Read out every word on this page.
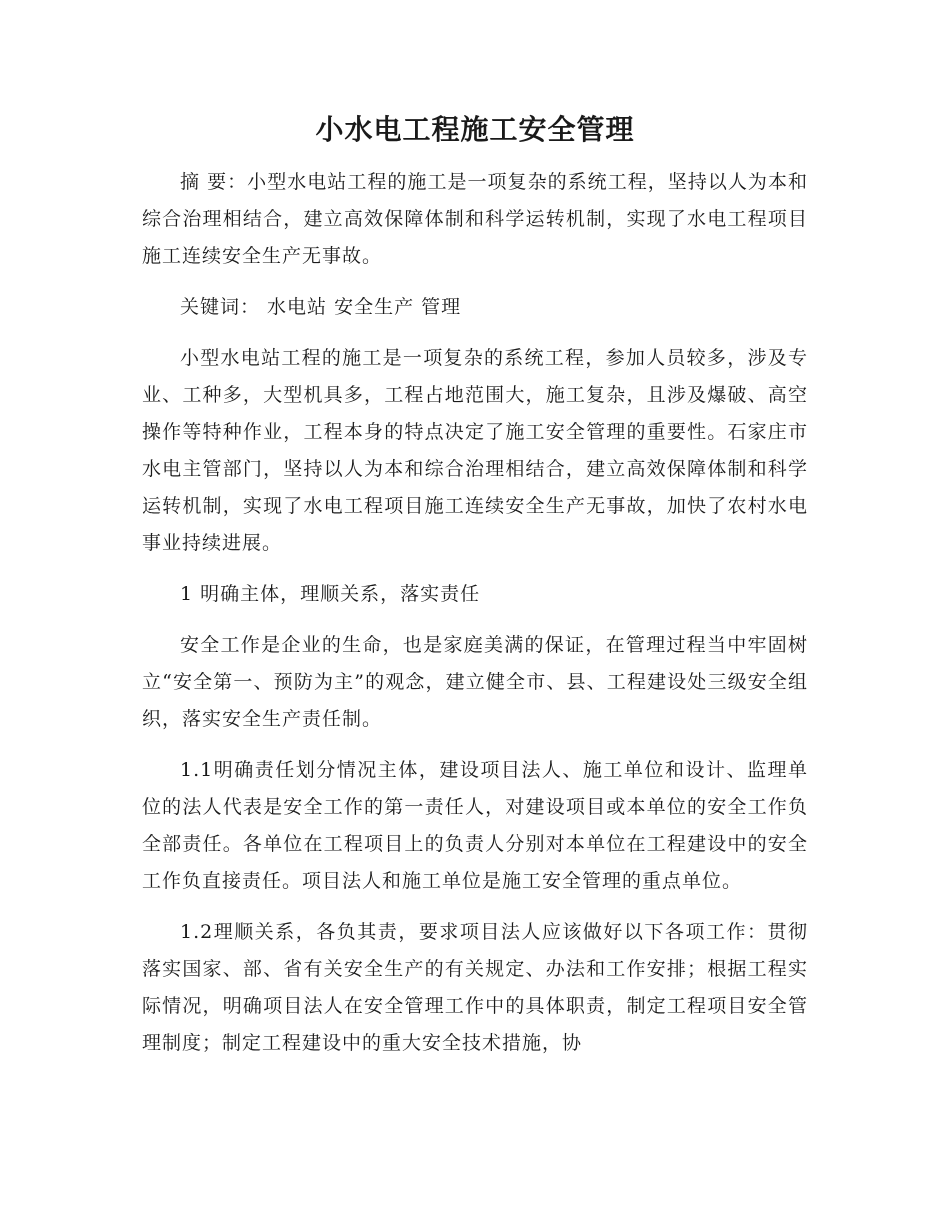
小水电工程施工安全管理

摘 要：小型水电站工程的施工是一项复杂的系统工程，坚持以人为本和综合治理相结合，建立高效保障体制和科学运转机制，实现了水电工程项目施工连续安全生产无事故。

关键词： 水电站 安全生产 管理

小型水电站工程的施工是一项复杂的系统工程，参加人员较多，涉及专业、工种多，大型机具多，工程占地范围大，施工复杂，且涉及爆破、高空操作等特种作业，工程本身的特点决定了施工安全管理的重要性。石家庄市水电主管部门，坚持以人为本和综合治理相结合，建立高效保障体制和科学运转机制，实现了水电工程项目施工连续安全生产无事故，加快了农村水电事业持续进展。

1 明确主体，理顺关系，落实责任

安全工作是企业的生命，也是家庭美满的保证，在管理过程当中牢固树立“安全第一、预防为主”的观念，建立健全市、县、工程建设处三级安全组织，落实安全生产责任制。

1.1明确责任划分情况主体，建设项目法人、施工单位和设计、监理单位的法人代表是安全工作的第一责任人，对建设项目或本单位的安全工作负全部责任。各单位在工程项目上的负责人分别对本单位在工程建设中的安全工作负直接责任。项目法人和施工单位是施工安全管理的重点单位。

1.2理顺关系，各负其责，要求项目法人应该做好以下各项工作：贯彻落实国家、部、省有关安全生产的有关规定、办法和工作安排；根据工程实际情况，明确项目法人在安全管理工作中的具体职责，制定工程项目安全管理制度；制定工程建设中的重大安全技术措施，协
